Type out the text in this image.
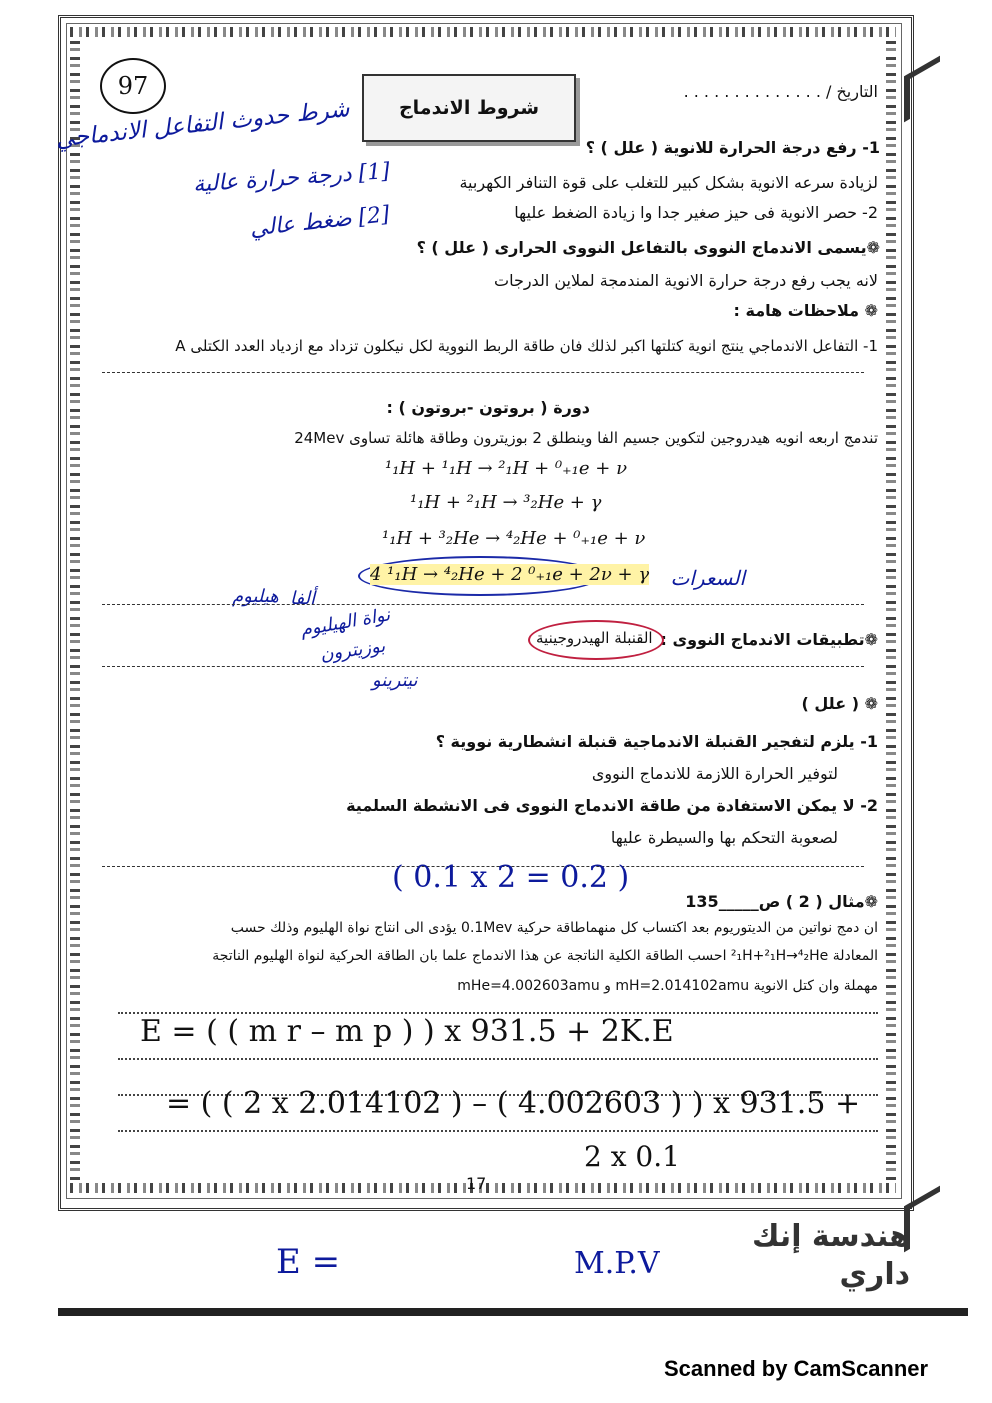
شروط الاندماج
التاريخ / . . . . . . . . . . . . . .
97
شرط حدوث التفاعل الاندماجي
[1] درجة حرارة عالية
[2] ضغط عالي
1- رفع درجة الحرارة للانوية ( علل ) ؟
لزيادة سرعه الانوية بشكل كبير للتغلب على قوة التنافر الكهربية
2- حصر الانوية فى حيز صغير جدا وا زيادة الضغط عليها
❁يسمى الاندماج النووى بالتفاعل النووى الحرارى ( علل ) ؟
لانه يجب رفع درجة حرارة الانوية المندمجة لملاين الدرجات
❁ ملاحظات هامة :
1- التفاعل الاندماجي ينتج انوية كتلتها اكبر لذلك فان طاقة الربط النووية لكل نيكلون تزداد مع ازدياد العدد الكتلى A
دورة ( بروتون -بروتون ) :
تندمج اربعه انويه هيدروجين لتكوين جسيم الفا وينطلق 2 بوزيترون وطاقة هائلة تساوى 24Mev
¹₁H + ¹₁H → ²₁H + ⁰₊₁e + ν
¹₁H + ²₁H → ³₂He + γ
¹₁H + ³₂He → ⁴₂He + ⁰₊₁e + ν
4 ¹₁H → ⁴₂He + 2 ⁰₊₁e + 2ν + γ	السعرات
ألفا
هيليوم
نواة الهيليوم
بوزيترون
نيترينو
❁تطبيقات الاندماج النووى :
القنبلة الهيدروجينية
❁ ( علل )
1- يلزم لتفجير القنبلة الاندماجية قنبلة انشطارية نووية ؟
لتوفير الحرارة اللازمة للاندماج النووى
2- لا يمكن الاستفادة من طاقة الاندماج النووى فى الانشطة السلمية
لصعوبة التحكم بها والسيطرة عليها
( 0.1 x 2 = 0.2 )
❁مثال ( 2 ) ص_____135
ان دمج نواتين من الديتوريوم بعد اكتساب كل منهماطاقة حركية 0.1Mev يؤدى الى انتاج نواة الهليوم وذلك حسب
المعادلة ²₁H+²₁H→⁴₂He احسب الطاقة الكلية الناتجة عن هذا الاندماج علما بان الطاقة الحركية لنواة الهليوم الناتجة
مهملة وان كتل الانوية mH=2.014102amu و mHe=4.002603amu
E = ( ( m r – m p ) ) x 931.5 + 2K.E
= ( ( 2 x 2.014102 ) – ( 4.002603 ) ) x 931.5 +
2 x 0.1
17
E =	M.P.V
هندسة إنك
داري
Scanned by CamScanner
